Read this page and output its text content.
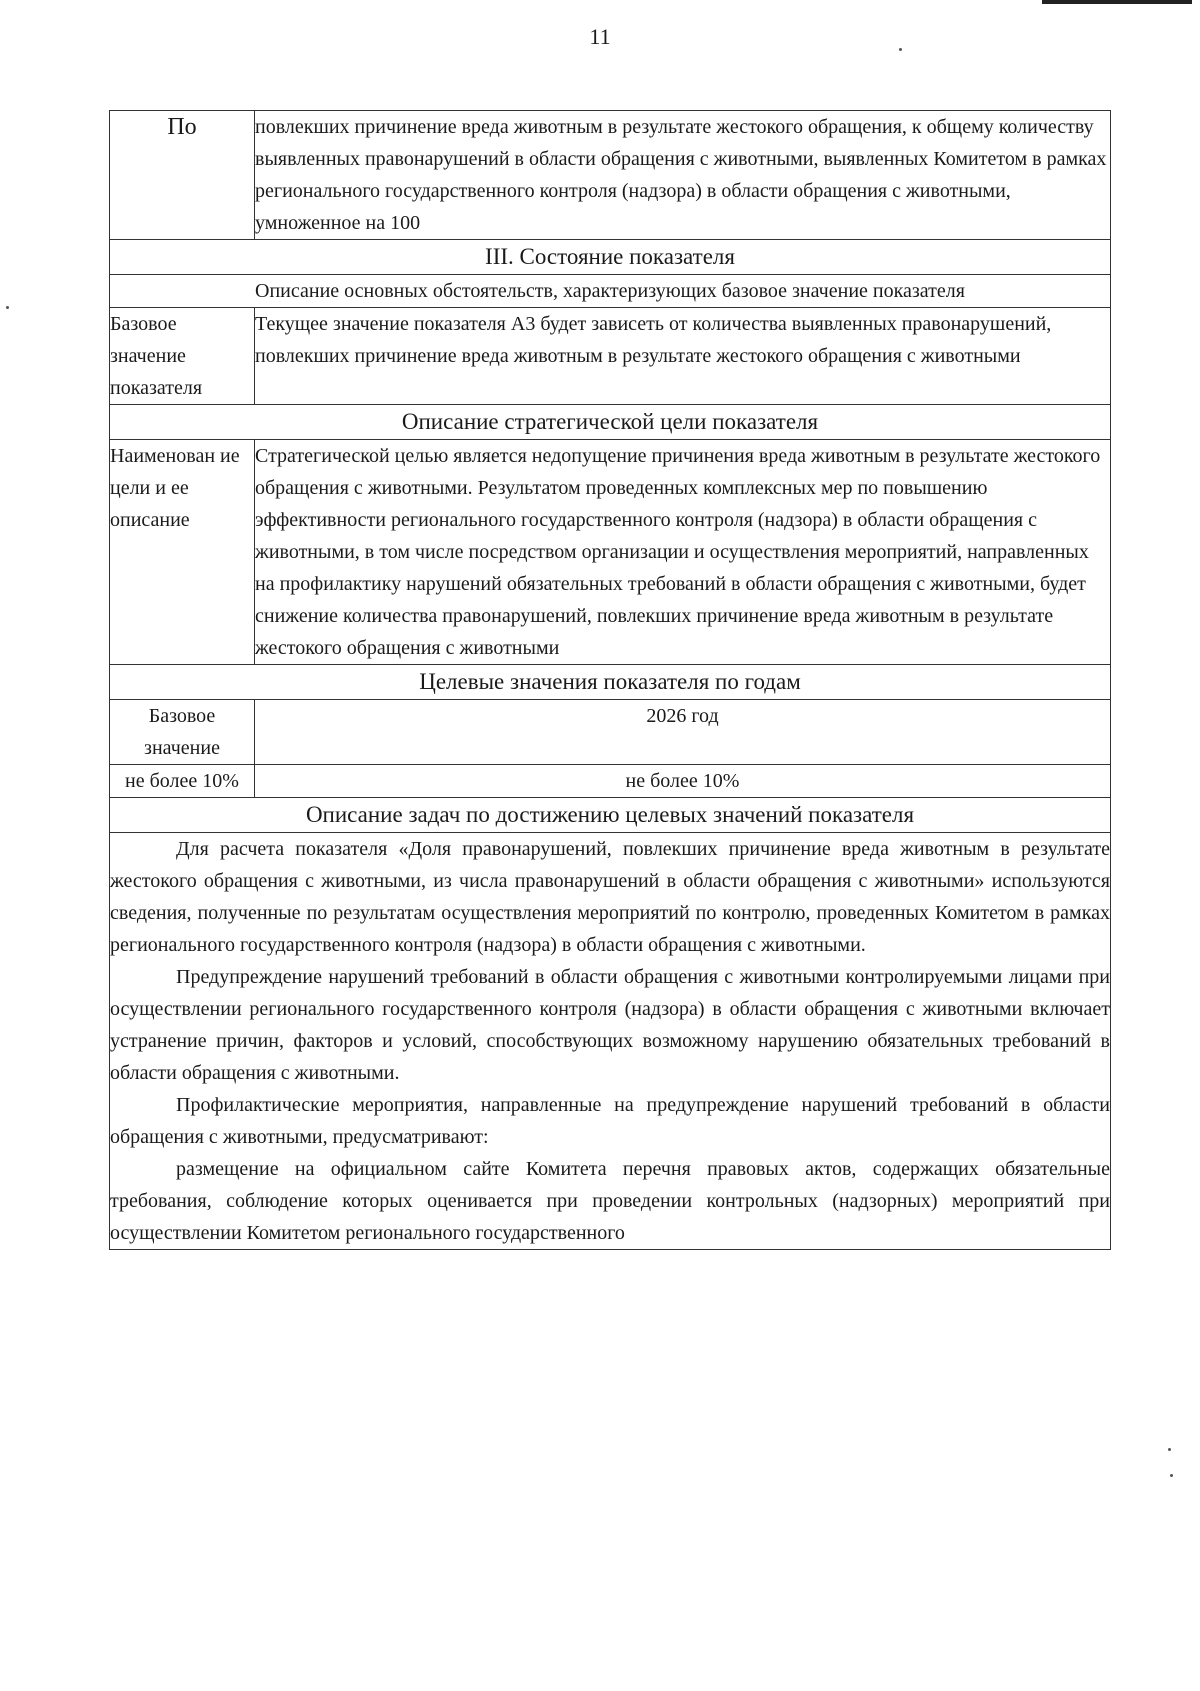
11
По	повлекших причинение вреда животным в результате жестокого обращения, к общему количеству выявленных правонарушений в области обращения с животными, выявленных Комитетом в рамках регионального государственного контроля (надзора) в области обращения с животными, умноженное на 100
III. Состояние показателя	
Описание основных обстоятельств, характеризующих базовое значение показателя	
Базовое значение показателя	Текущее значение показателя А3 будет зависеть от количества выявленных правонарушений, повлекших причинение вреда животным в результате жестокого обращения с животными
Описание стратегической цели показателя	
Наименован ие цели и ее описание	Стратегической целью является недопущение причинения вреда животным в результате жестокого обращения с животными. Результатом проведенных комплексных мер по повышению эффективности регионального государственного контроля (надзора) в области обращения с животными, в том числе посредством организации и осуществления мероприятий, направленных на профилактику нарушений обязательных требований в области обращения с животными, будет снижение количества правонарушений, повлекших причинение вреда животным в результате жестокого обращения с животными
Целевые значения показателя по годам	
Базовое значение	2026 год
не более 10%	не более 10%
Описание задач по достижению целевых значений показателя	

Для расчета показателя «Доля правонарушений, повлекших причинение вреда животным в результате жестокого обращения с животными, из числа правонарушений в области обращения с животными» используются сведения, полученные по результатам осуществления мероприятий по контролю, проведенных Комитетом в рамках регионального государственного контроля (надзора) в области обращения с животными.

Предупреждение нарушений требований в области обращения с животными контролируемыми лицами при осуществлении регионального государственного контроля (надзора) в области обращения с животными включает устранение причин, факторов и условий, способствующих возможному нарушению обязательных требований в области обращения с животными.

Профилактические мероприятия, направленные на предупреждение нарушений требований в области обращения с животными, предусматривают:

размещение на официальном сайте Комитета перечня правовых актов, содержащих обязательные требования, соблюдение которых оценивается при проведении контрольных (надзорных) мероприятий при осуществлении Комитетом регионального государственного	
